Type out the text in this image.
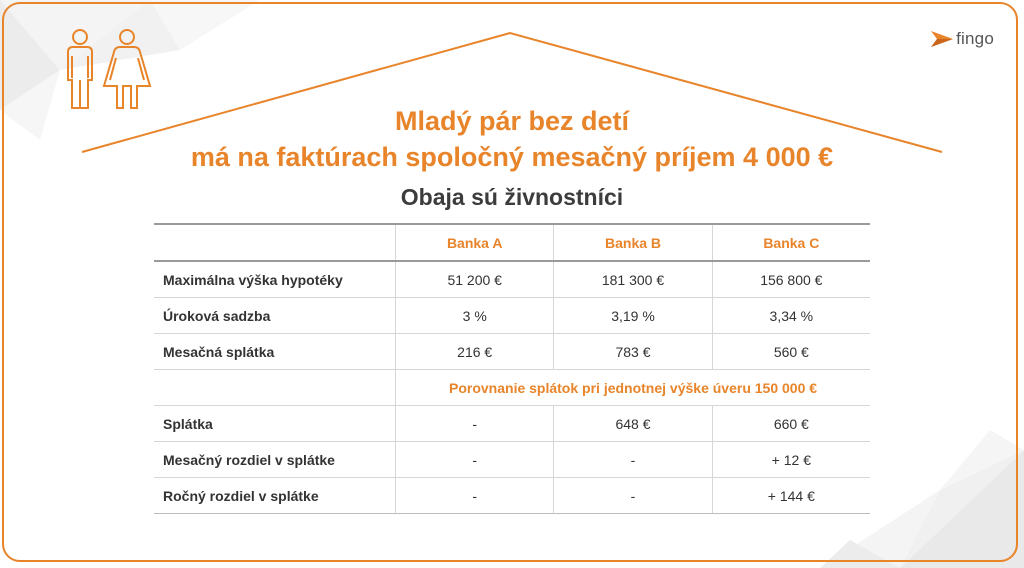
fingo
Mladý pár bez detí
má na faktúrach spoločný mesačný príjem 4 000 €
Obaja sú živnostníci
	Banka A	Banka B	Banka C
Maximálna výška hypotéky	51 200 €	181 300 €	156 800 €
Úroková sadzba	3 %	3,19 %	3,34 %
Mesačná splátka	216 €	783 €	560 €
	Porovnanie splátok pri jednotnej výške úveru 150 000 €		
Splátka	-	648 €	660 €
Mesačný rozdiel v splátke	-	-	+ 12 €
Ročný rozdiel v splátke	-	-	+ 144 €
